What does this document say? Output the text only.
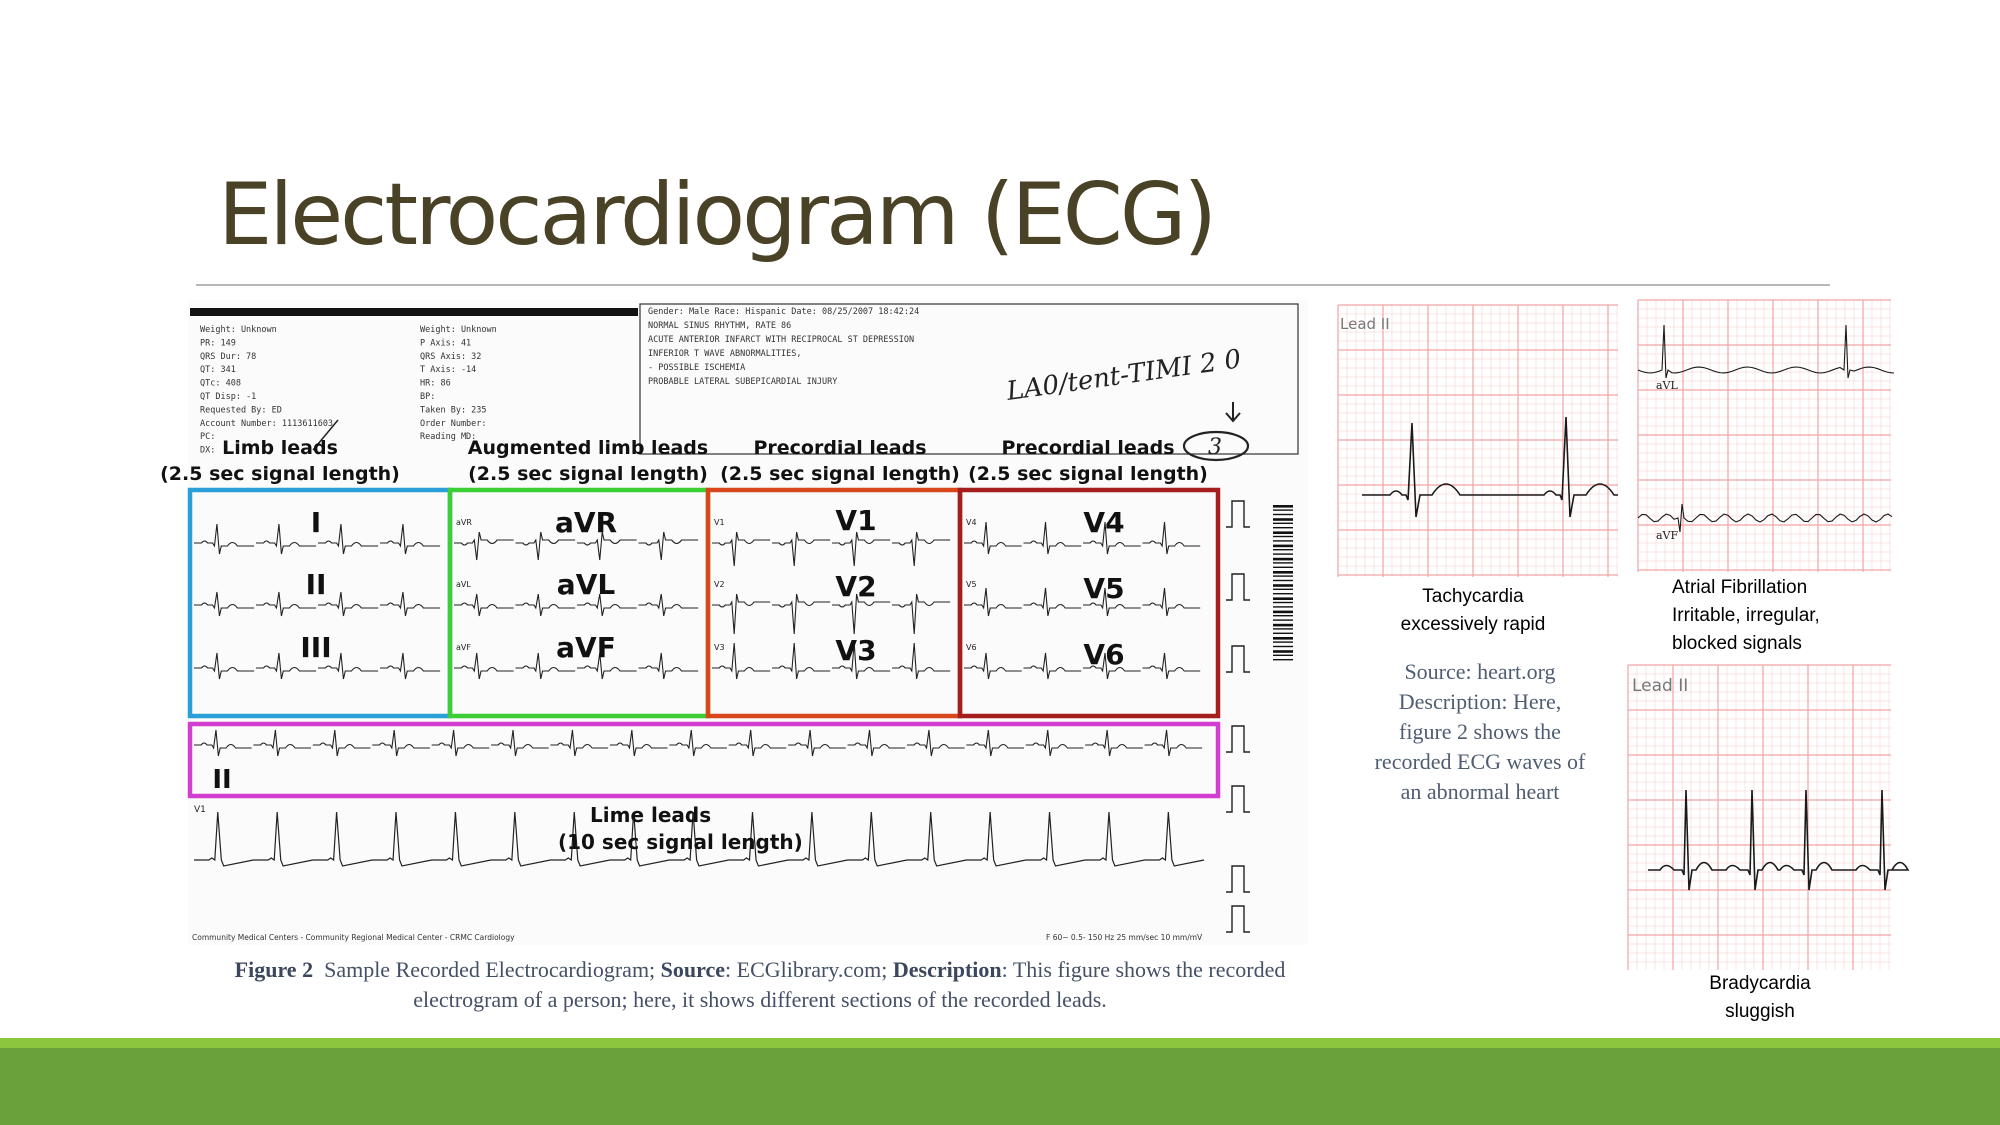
Electrocardiogram (ECG)
Weight: Unknown
PR: 149
QRS Dur: 78
QT: 341
QTc: 408
QT Disp: -1
Requested By: ED
Account Number: 1113611603
PC:
DX:
Weight: Unknown
P Axis: 41
QRS Axis: 32
T Axis: -14
HR: 86
BP:
Taken By: 235
Order Number:
Reading MD:
Gender: Male Race: Hispanic Date: 08/25/2007 18:42:24
NORMAL SINUS RHYTHM, RATE 86
ACUTE ANTERIOR INFARCT WITH RECIPROCAL ST DEPRESSION
INFERIOR T WAVE ABNORMALITIES,
- POSSIBLE ISCHEMIA
PROBABLE LATERAL SUBEPICARDIAL INJURY	LA0/tent-TIMI 2 0
3
Limb leads
(2.5 sec signal length)
Augmented limb leads
(2.5 sec signal length)
Precordial leads
(2.5 sec signal length)
Precordial leads
(2.5 sec signal length)
aVR
aVL
aVF
V1
V2
V3
V4
V5
V6
V1
I
II
III
aVR
aVL
aVF
V1
V2
V3
V4
V5
V6
II
Lime leads
(10 sec signal length)
Community Medical Centers - Community Regional Medical Center - CRMC Cardiology	F 60~ 0.5- 150 Hz 25 mm/sec 10 mm/mV
Figure 2 Sample Recorded Electrocardiogram; Source: ECGlibrary.com; Description: This figure shows the recorded electrogram of a person; here, it shows different sections of the recorded leads.
Lead II
Tachycardia
excessively rapid
aVL
aVF
Atrial Fibrillation
Irritable, irregular,
blocked signals
Source: heart.org
Description: Here,
figure 2 shows the
recorded ECG waves of
an abnormal heart
Lead II
Bradycardia
sluggish
